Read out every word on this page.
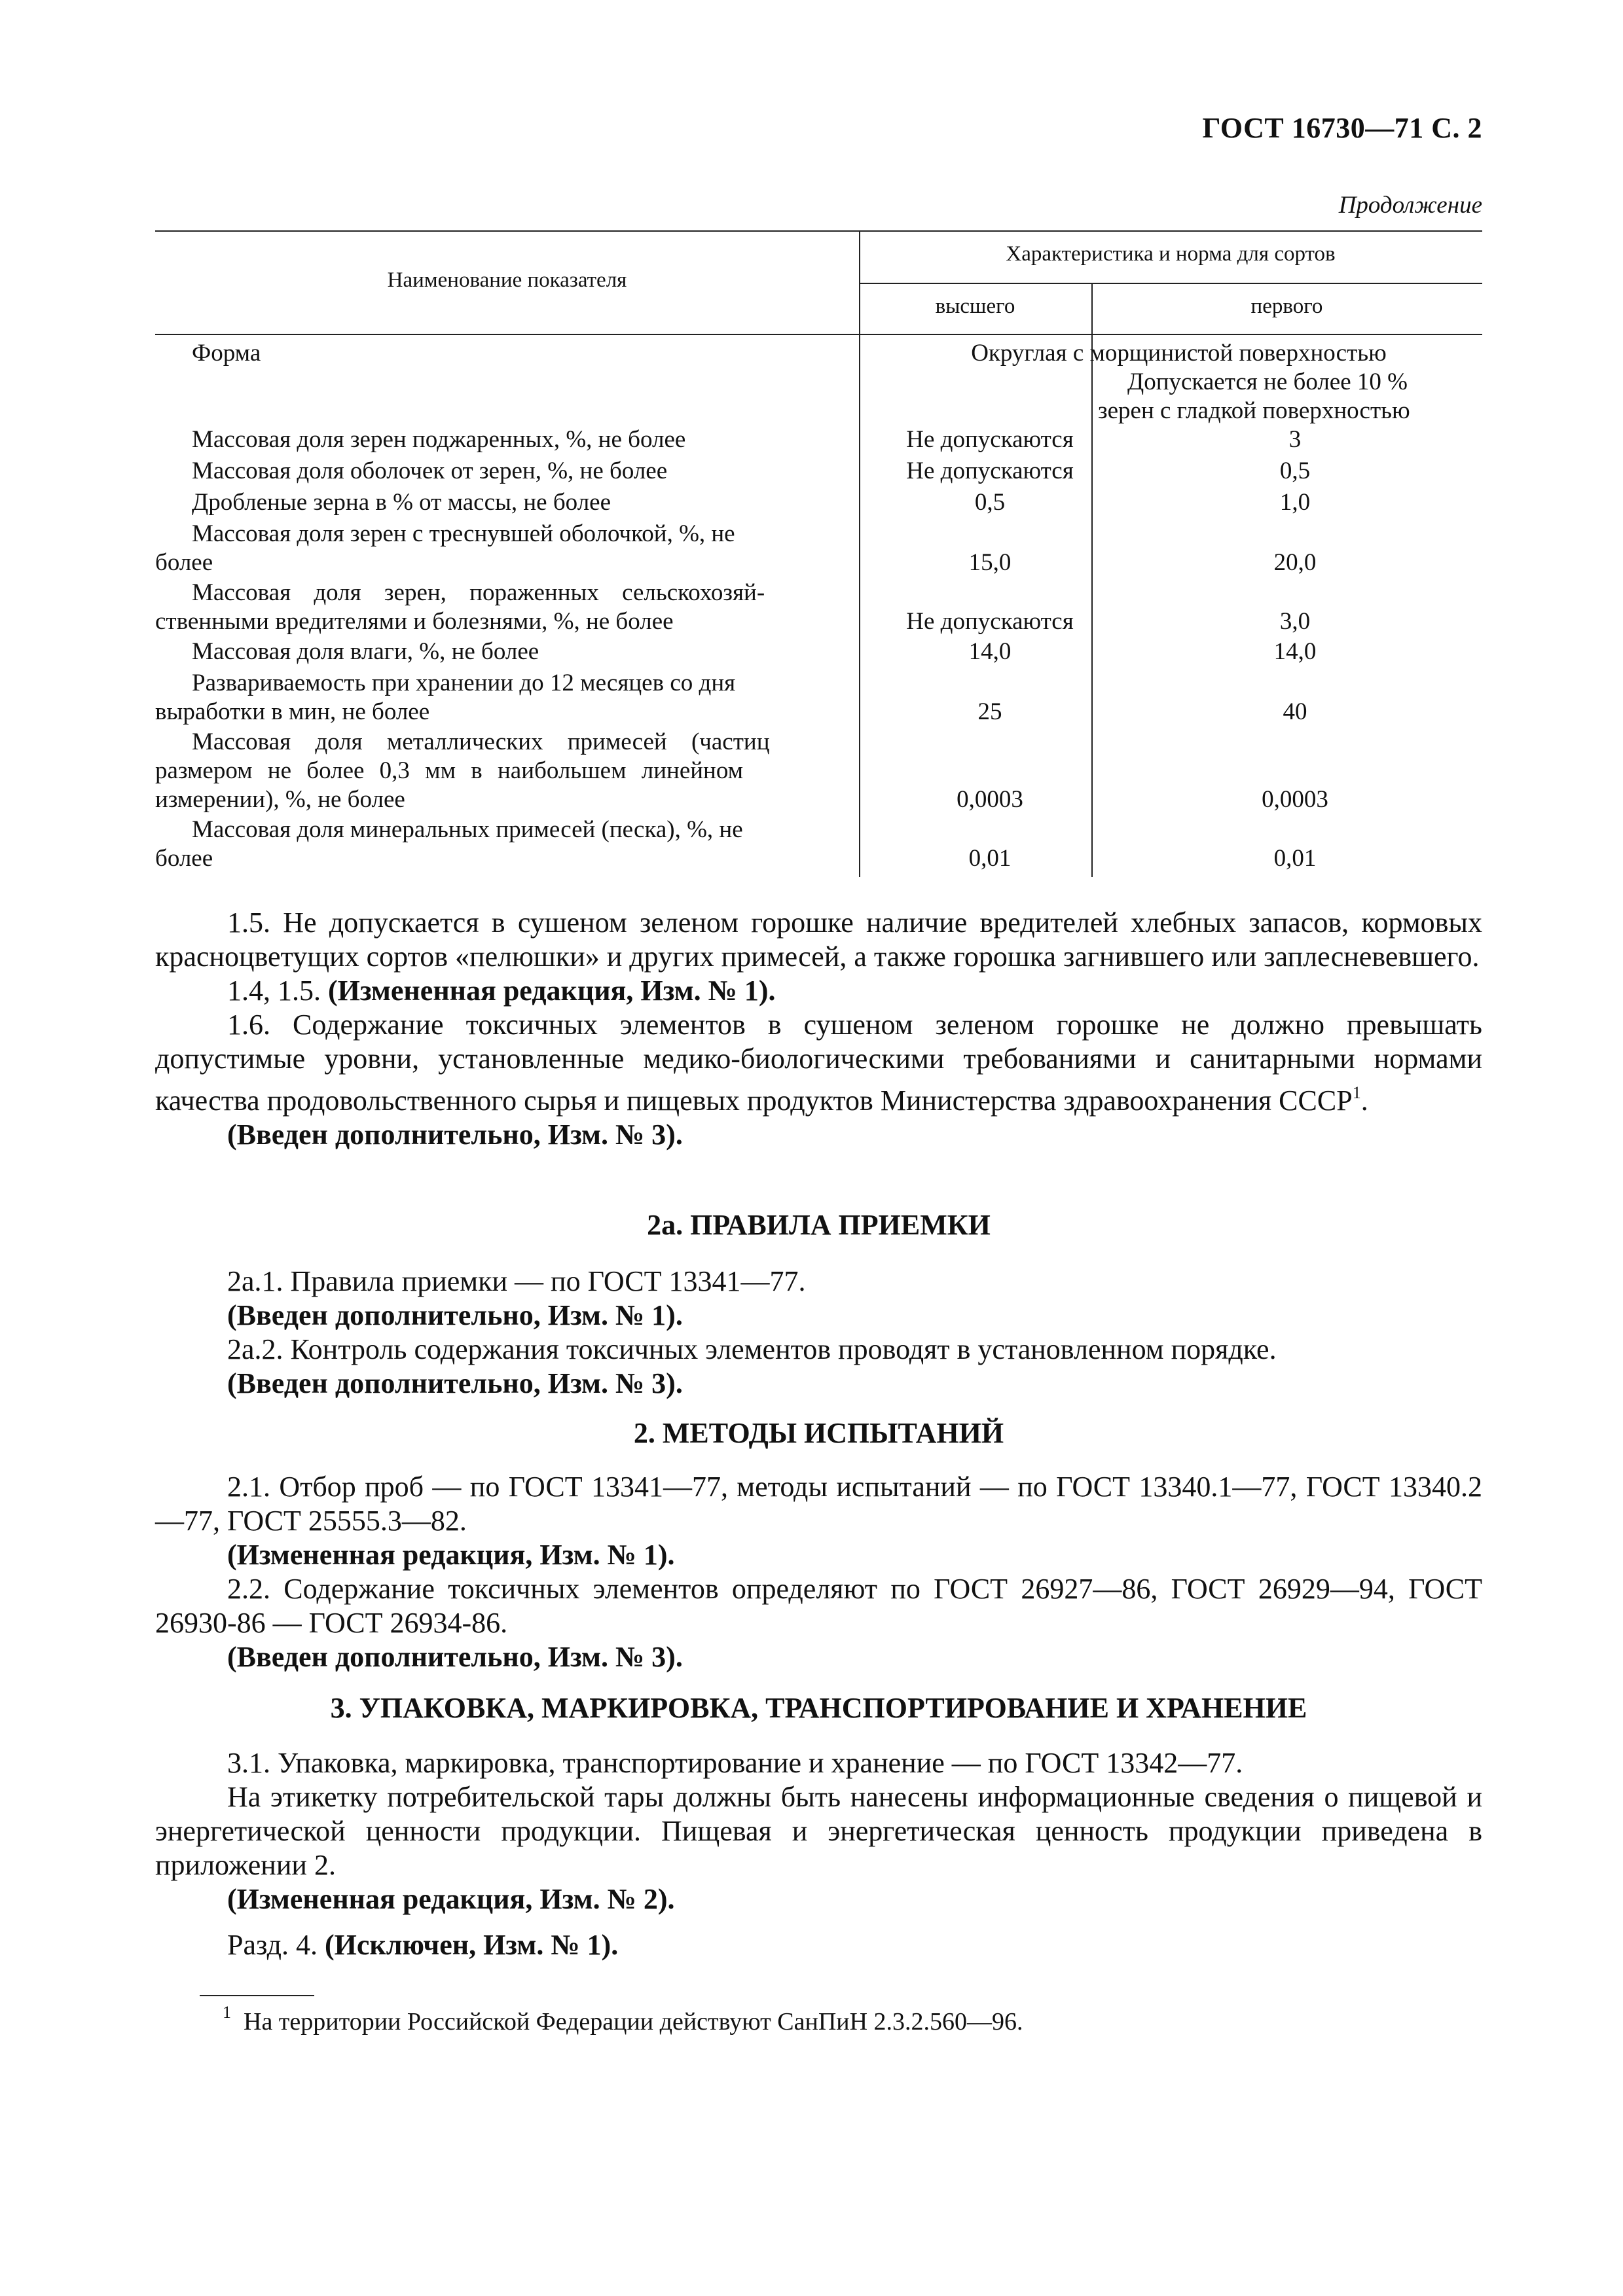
ГОСТ 16730—71 С. 2
Продолжение
Наименование показателя
Характеристика и норма для сортов
высшего	первого
Форма	Округлая с морщинистой поверхностью
Допускается не более 10 %
зерен с гладкой поверхностью
Массовая доля зерен поджаренных, %, не более	Не допускаются	3
Массовая доля оболочек от зерен, %, не более	Не допускаются	0,5
Дробленые зерна в % от массы, не более	0,5	1,0
Массовая доля зерен с треснувшей оболочкой, %, не
более	15,0	20,0
Массовая доля зерен, пораженных сельскохозяй-
ственными вредителями и болезнями, %, не более	Не допускаются	3,0
Массовая доля влаги, %, не более	14,0	14,0
Развариваемость при хранении до 12 месяцев со дня
выработки в мин, не более	25	40
Массовая доля металлических примесей (частиц
размером не более 0,3 мм в наибольшем линейном
измерении), %, не более	0,0003	0,0003
Массовая доля минеральных примесей (песка), %, не
более	0,01	0,01
1.5. Не допускается в сушеном зеленом горошке наличие вредителей хлебных запасов, кормовых красноцветущих сортов «пелюшки» и других примесей, а также горошка загнившего или заплесневевшего.
1.4, 1.5. (Измененная редакция, Изм. № 1).
1.6. Содержание токсичных элементов в сушеном зеленом горошке не должно превышать допустимые уровни, установленные медико-биологическими требованиями и санитарными нормами качества продовольственного сырья и пищевых продуктов Министерства здравоохранения СССР$^1$.
(Введен дополнительно, Изм. № 3).
2а. ПРАВИЛА ПРИЕМКИ
2а.1. Правила приемки — по ГОСТ 13341—77.
(Введен дополнительно, Изм. № 1).
2а.2. Контроль содержания токсичных элементов проводят в установленном порядке.
(Введен дополнительно, Изм. № 3).
2. МЕТОДЫ ИСПЫТАНИЙ
2.1. Отбор проб — по ГОСТ 13341—77, методы испытаний — по ГОСТ 13340.1—77, ГОСТ 13340.2—77, ГОСТ 25555.3—82.
(Измененная редакция, Изм. № 1).
2.2. Содержание токсичных элементов определяют по ГОСТ 26927—86, ГОСТ 26929—94, ГОСТ 26930-86 — ГОСТ 26934-86.
(Введен дополнительно, Изм. № 3).
3. УПАКОВКА, МАРКИРОВКА, ТРАНСПОРТИРОВАНИЕ И ХРАНЕНИЕ
3.1. Упаковка, маркировка, транспортирование и хранение — по ГОСТ 13342—77.
На этикетку потребительской тары должны быть нанесены информационные сведения о пищевой и энергетической ценности продукции. Пищевая и энергетическая ценность продукции приведена в приложении 2.
(Измененная редакция, Изм. № 2).
Разд. 4. (Исключен, Изм. № 1).
$^1$ На территории Российской Федерации действуют СанПиН 2.3.2.560—96.
